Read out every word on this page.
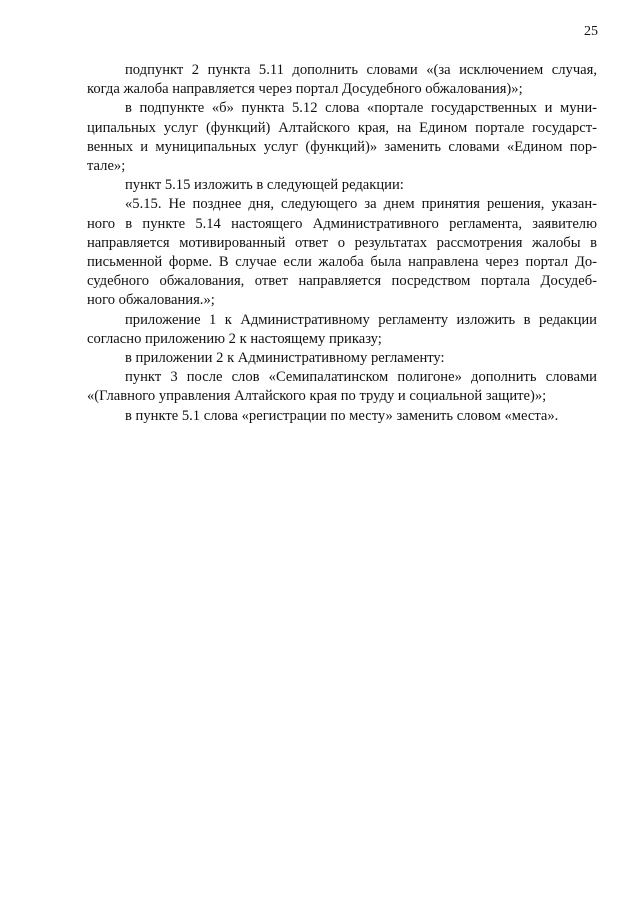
25
подпункт 2 пункта 5.11 дополнить словами «(за исключением случая,
когда жалоба направляется через портал Досудебного обжалования)»;
в подпункте «б» пункта 5.12 слова «портале государственных и муни-
ципальных услуг (функций) Алтайского края, на Едином портале государст-
венных и муниципальных услуг (функций)» заменить словами «Едином пор-
тале»;
пункт 5.15 изложить в следующей редакции:
«5.15. Не позднее дня, следующего за днем принятия решения, указан-
ного в пункте 5.14 настоящего Административного регламента, заявителю
направляется мотивированный ответ о результатах рассмотрения жалобы в
письменной форме. В случае если жалоба была направлена через портал До-
судебного обжалования, ответ направляется посредством портала Досудеб-
ного обжалования.»;
приложение 1 к Административному регламенту изложить в редакции
согласно приложению 2 к настоящему приказу;
в приложении 2 к Административному регламенту:
пункт 3 после слов «Семипалатинском полигоне» дополнить словами
«(Главного управления Алтайского края по труду и социальной защите)»;
в пункте 5.1 слова «регистрации по месту» заменить словом «места».
